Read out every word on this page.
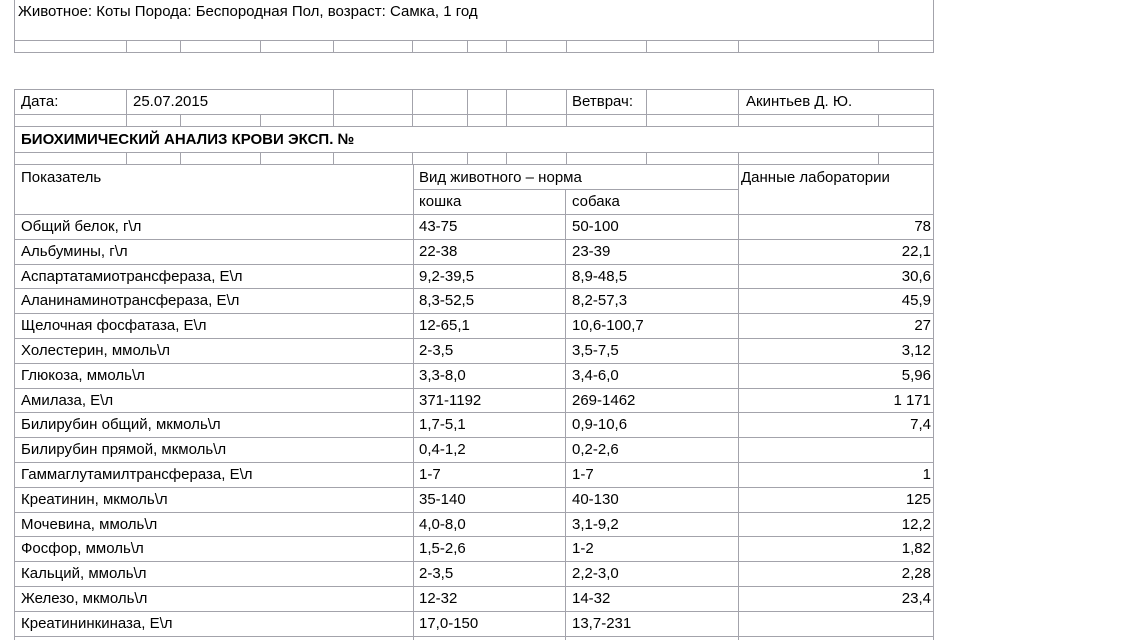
Животное: Коты Порода: Беспородная Пол, возраст: Самка, 1 год
Дата:	25.07.2015	Ветврач:	Акинтьев Д. Ю.
БИОХИМИЧЕСКИЙ АНАЛИЗ КРОВИ ЭКСП. №
Показатель	Вид животного – норма	Данные лаборатории
кошка	собака
Общий белок, г\л	43-75	50-100	78
Альбумины, г\л	22-38	23-39	22,1
Аспартатамиотрансфераза, Е\л	9,2-39,5	8,9-48,5	30,6
Аланинаминотрансфераза, Е\л	8,3-52,5	8,2-57,3	45,9
Щелочная фосфатаза, Е\л	12-65,1	10,6-100,7	27
Холестерин, ммоль\л	2-3,5	3,5-7,5	3,12
Глюкоза, ммоль\л	3,3-8,0	3,4-6,0	5,96
Амилаза, Е\л	371-1192	269-1462	1 171
Билирубин общий, мкмоль\л	1,7-5,1	0,9-10,6	7,4
Билирубин прямой, мкмоль\л	0,4-1,2	0,2-2,6
Гаммаглутамилтрансфераза, Е\л	1-7	1-7	1
Креатинин, мкмоль\л	35-140	40-130	125
Мочевина, ммоль\л	4,0-8,0	3,1-9,2	12,2
Фосфор, ммоль\л	1,5-2,6	1-2	1,82
Кальций, ммоль\л	2-3,5	2,2-3,0	2,28
Железо, мкмоль\л	12-32	14-32	23,4
Креатининкиназа, Е\л	17,0-150	13,7-231
